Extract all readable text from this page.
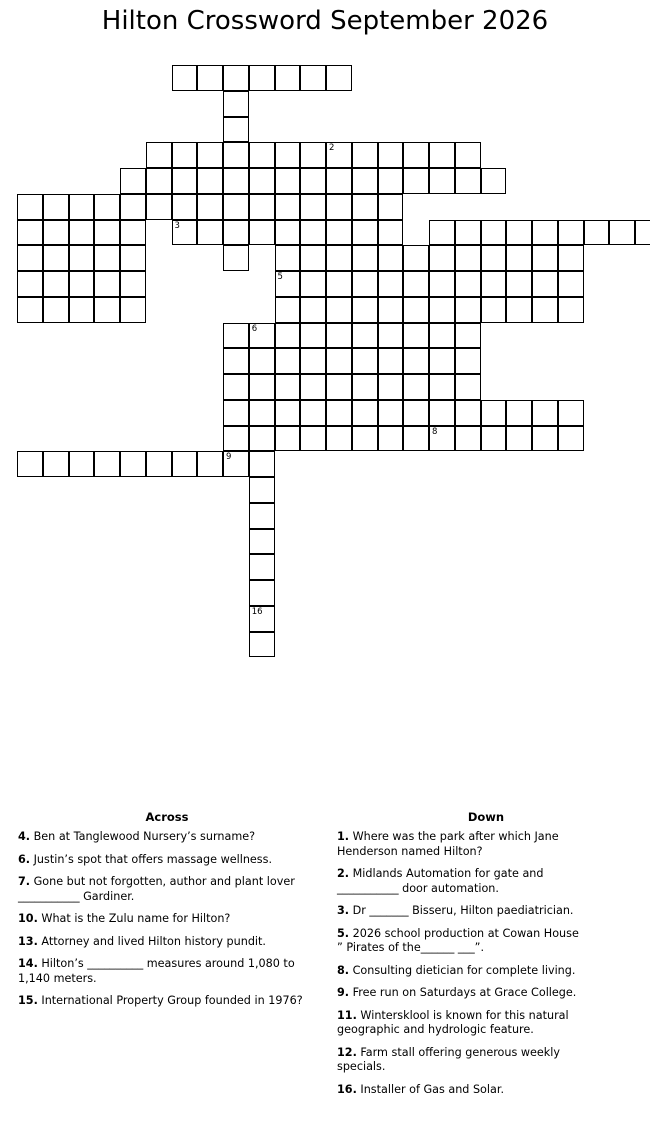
Hilton Crossword September 2026
3
2
6
5
8
9
16
Across
4. Ben at Tanglewood Nursery’s surname?
6. Justin’s spot that offers massage wellness.
7. Gone but not forgotten, author and plant lover ___________ Gardiner.
10. What is the Zulu name for Hilton?
13. Attorney and lived Hilton history pundit.
14. Hilton’s __________ measures around 1,080 to 1,140 meters.
15. International Property Group founded in 1976?
Down
1. Where was the park after which Jane Henderson named Hilton?
2. Midlands Automation for gate and ___________ door automation.
3. Dr _______ Bisseru, Hilton paediatrician.
5. 2026 school production at Cowan House ” Pirates of the______ ___”.
8. Consulting dietician for complete living.
9. Free run on Saturdays at Grace College.
11. Wintersklool is known for this natural geographic and hydrologic feature.
12. Farm stall offering generous weekly specials.
16. Installer of Gas and Solar.
